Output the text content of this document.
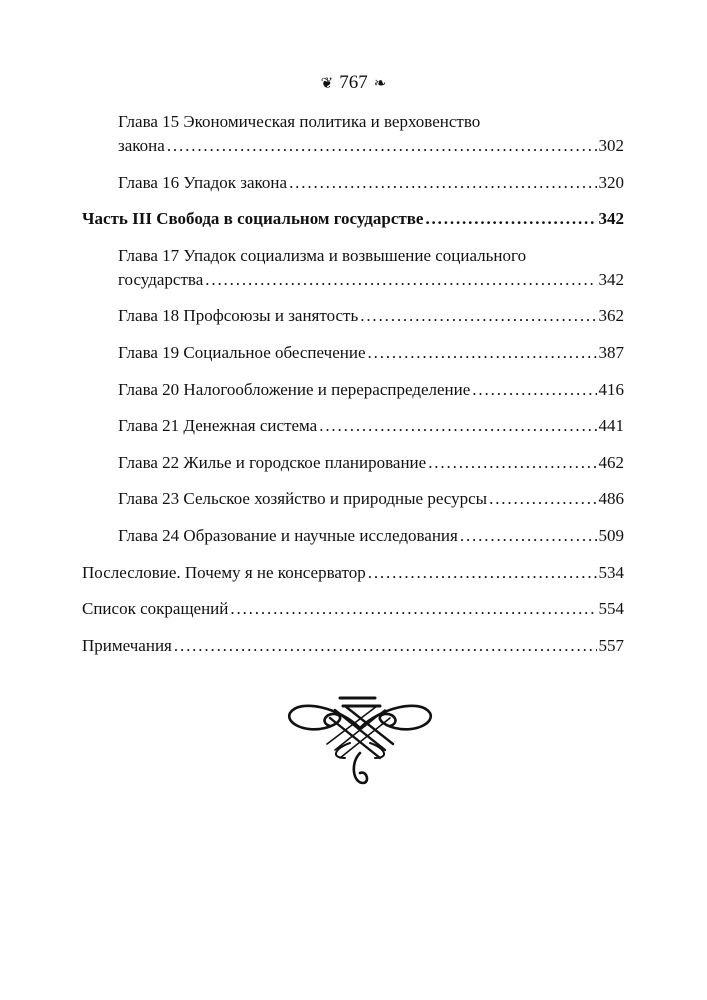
❦ 767 ❧
Глава 15 Экономическая политика и верховенство
закона . . .	302
Глава 16 Упадок закона . . .	320
Часть III Свобода в социальном государстве . . .	342
Глава 17 Упадок социализма и возвышение социального
государства . . .	342
Глава 18 Профсоюзы и занятость . . .	362
Глава 19 Социальное обеспечение . . .	387
Глава 20 Налогообложение и перераспределение . . .	416
Глава 21 Денежная система . . .	441
Глава 22 Жилье и городское планирование . . .	462
Глава 23 Сельское хозяйство и природные ресурсы . . .	486
Глава 24 Образование и научные исследования . . .	509
Послесловие. Почему я не консерватор . . .	534
Список сокращений . . .	554
Примечания . . .	557
